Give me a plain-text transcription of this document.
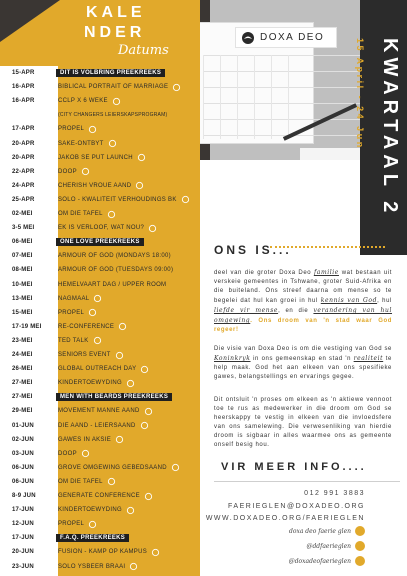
DOXA DEO
KWARTAAL 2
15 April - 24 Jun
KALE
NDER
Datums
15-APR	DIT IS VOLBRING PREEKREEKS
16-APR	BIBLICAL PORTRAIT OF MARRIAGE
16-APR	CCLP X 6 WEKE
(CITY CHANGERS LEIERSKAPSPROGRAM)
17-APR	PROPEL
20-APR	SAKE-ONTBYT
20-APR	JAKOB SE PUT LAUNCH
22-APR	DOOP
24-APR	CHERISH VROUE AAND
25-APR	SOLO - KWALITEIT VERHOUDINGS BK
02-MEI	OM DIE TAFEL
3-5 MEI	EK IS VERLOOF, WAT NOU?
06-MEI	ONE LOVE PREEKREEKS
07-MEI	ARMOUR OF GOD (MONDAYS 18:00)
08-MEI	ARMOUR OF GOD (TUESDAYS 09:00)
10-MEI	HEMELVAART DAG / UPPER ROOM
13-MEI	NAGMAAL
15-MEI	PROPEL
17-19 MEI	RE-CONFERENCE
23-MEI	TED TALK
24-MEI	SENIORS EVENT
26-MEI	GLOBAL OUTREACH DAY
27-MEI	KINDERTOEWYDING
27-MEI	MEN WITH BEARDS PREEKREEKS
29-MEI	MOVEMENT MANNE AAND
01-JUN	DIE AAND - LEIERSAAND
02-JUN	GAWES IN AKSIE
03-JUN	DOOP
06-JUN	GROVE OMGEWING GEBEDSAAND
06-JUN	OM DIE TAFEL
8-9 JUN	GENERATE CONFERENCE
17-JUN	KINDERTOEWYDING
12-JUN	PROPEL
17-JUN	F.A.Q. PREEKREEKS
20-JUN	FUSION - KAMP OP KAMPUS
23-JUN	SOLO YSBEER BRAAI
ONS IS...

deel van die groter Doxa Deo familie wat bestaan uit verskeie gemeentes in Tshwane, groter Suid-Afrika en die buiteland. Ons streef daarna om mense so te begelei dat hul kan groei in hul kennis van God, hul liefde vir mense, en die verandering van hul omgewing. Ons droom van 'n stad waar God regeer!

Die visie van Doxa Deo is om die vestiging van God se Koninkryk in ons gemeenskap en stad 'n realiteit te help maak. God het aan elkeen van ons spesifieke gawes, belangstellings en ervarings gegee.

Dit ontsluit 'n proses om elkeen as 'n aktiewe vennoot toe te rus as medewerker in die droom om God se heerskappy te vestig in elkeen van die invloedsfere van ons samelewing. Die verwesenliking van hierdie droom is sigbaar in alles waarmee ons as gemeente onself besig hou.

VIR MEER INFO....
012 991 3883
FAERIEGLEN@DOXADEO.ORG
WWW.DOXADEO.ORG/FAERIEGLEN
doxa deo faerie glen
@ddfaerieglen
@doxadeofaerieglen
